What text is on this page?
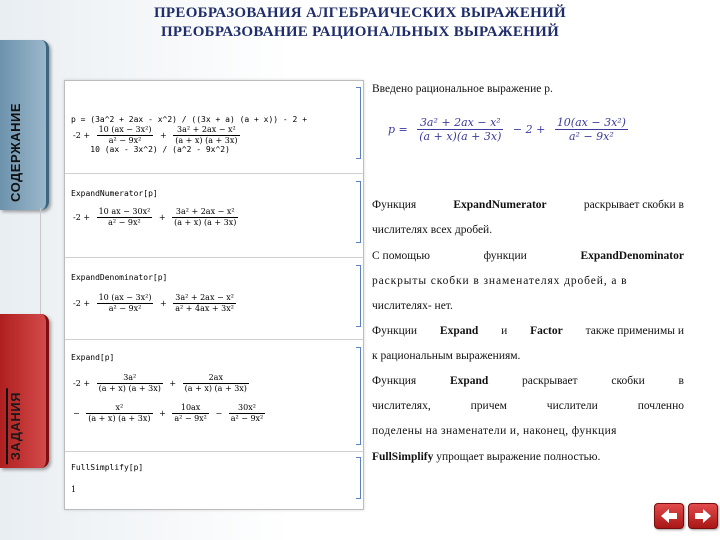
ПРЕОБРАЗОВАНИЯ АЛГЕБРАИЧЕСКИХ ВЫРАЖЕНИЙ
ПРЕОБРАЗОВАНИЕ РАЦИОНАЛЬНЫХ ВЫРАЖЕНИЙ
СОДЕРЖАНИЕ
ЗАДАНИЯ

p = (3a^2 + 2ax - x^2) / ((3x + a) (a + x)) - 2 +

10 (ax - 3x^2) / (a^2 - 9x^2)

$-2 + \frac{\text{10 (ax − 3x²)}}{\text{a² − 9x²}} + \frac{\text{3a² + 2ax − x²}}{(a + x) (a + 3x)}$
ExpandNumerator[p]
$-2 + \frac{\text{10 ax − 30x²}}{\text{a² − 9x²}} + \frac{\text{3a² + 2ax − x²}}{(a + x) (a + 3x)}$
ExpandDenominator[p]
$-2 + \frac{\text{10 (ax − 3x²)}}{\text{a² − 9x²}} + \frac{\text{3a² + 2ax − x²}}{\text{a² + 4ax + 3x²}}$
Expand[p]
$-2 + \frac{\text{3a²}}{(a + x) (a + 3x)} + \frac{2ax}{(a + x) (a + 3x)}$
− $\frac{\text{x²}}{(a + x) (a + 3x)} + \frac{10ax}{\text{a² − 9x²}} - \frac{\text{30x²}}{\text{a² − 9x²}}$
FullSimplify[p]
1
Введено рациональное выражение p.
$p = \frac{\text{3a² + 2ax − x²}}{(a + x)(a + 3x)} - 2 + \frac{\text{10(ax − 3x²)}}{\text{a² − 9x²}}$
Функция	ExpandNumerator	раскрывает скобки в
числителях всех дробей.
С помощью	функции	ExpandDenominator
раскрыты скобки в знаменателях дробей, а в
числителях- нет.
Функции Expand и Factor также применимы и
к рациональным выражениям.
Функция	Expand	раскрывает	скобки	в
числителях,	причем	числители	почленно
поделены на знаменатели и, наконец, функция
FullSimplify упрощает выражение полностью.
